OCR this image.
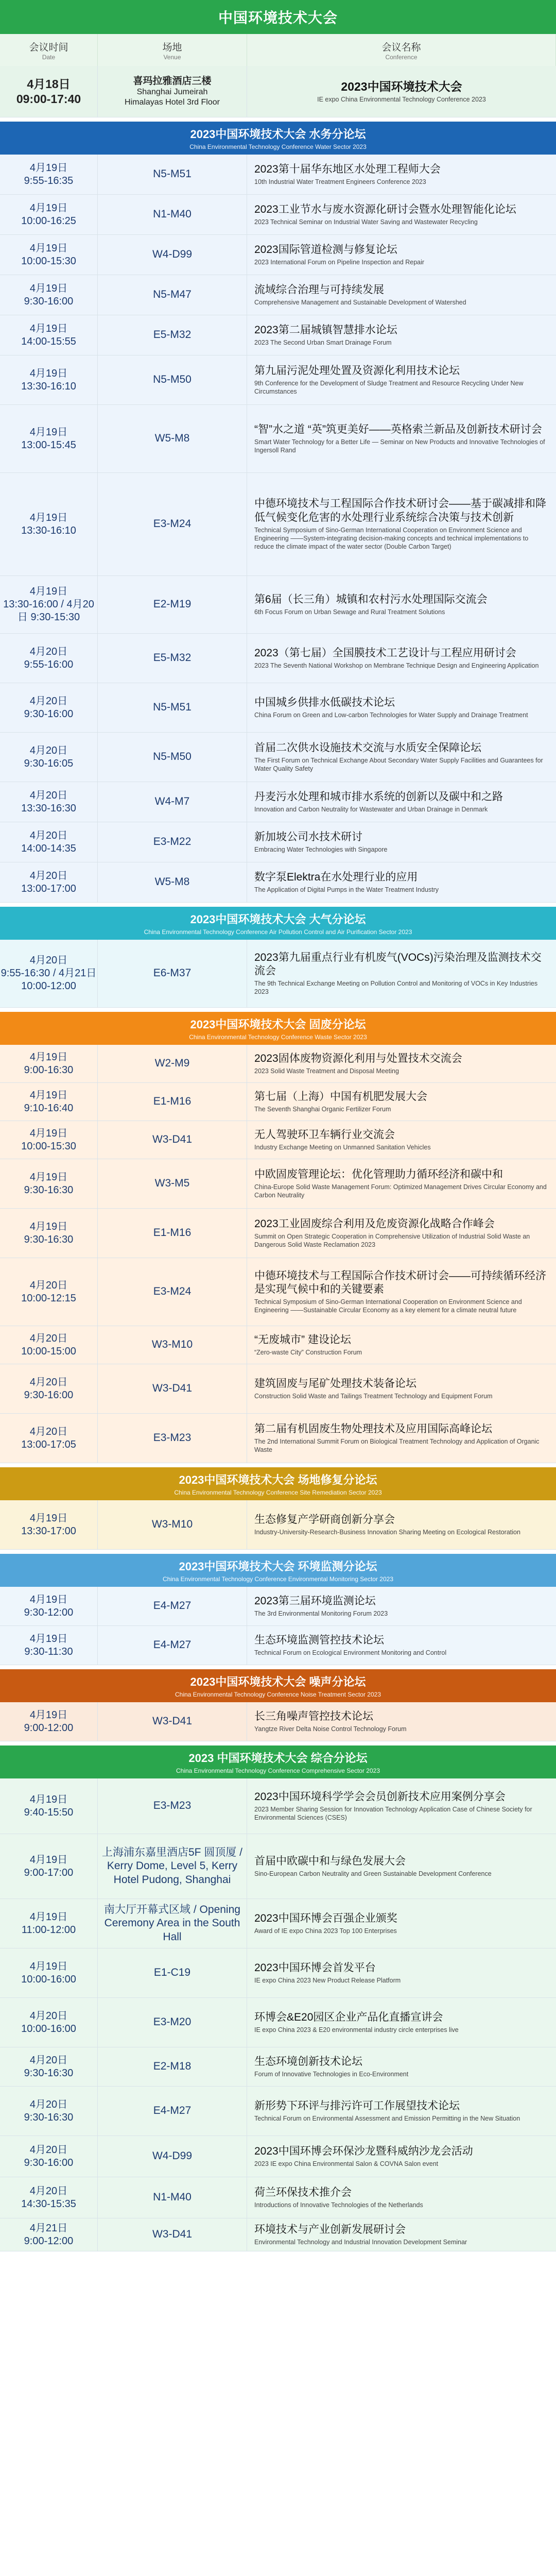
中国环境技术大会
会议时间
Date
场地
Venue
会议名称
Conference
4月18日
09:00-17:40
喜玛拉雅酒店三楼
Shanghai Jumeirah
Himalayas Hotel 3rd Floor
2023中国环境技术大会
IE expo China Environmental Technology Conference 2023
2023中国环境技术大会 水务分论坛
China Environmental Technology Conference Water Sector 2023
4月19日
9:55-16:35
N5-M51	2023第十届华东地区水处理工程师大会
10th Industrial Water Treatment Engineers Conference 2023
4月19日
10:00-16:25
N1-M40	2023工业节水与废水资源化研讨会暨水处理智能化论坛
2023 Technical Seminar on Industrial Water Saving and Wastewater Recycling
4月19日
10:00-15:30
W4-D99	2023国际管道检测与修复论坛
2023 International Forum on Pipeline Inspection and Repair
4月19日
9:30-16:00
N5-M47	流域综合治理与可持续发展
Comprehensive Management and Sustainable Development of Watershed
4月19日
14:00-15:55
E5-M32	2023第二届城镇智慧排水论坛
2023 The Second Urban Smart Drainage Forum
4月19日
13:30-16:10
N5-M50
第九届污泥处理处置及资源化利用技术论坛
9th Conference for the Development of Sludge Treatment and Resource Recycling Under New Circumstances
4月19日
13:00-15:45
W5-M8
“智”水之道 “英”筑更美好——英格索兰新品及创新技术研讨会
Smart Water Technology for a Better Life — Seminar on New Products and Innovative Technologies of Ingersoll Rand
4月19日
13:30-16:10
E3-M24
中德环境技术与工程国际合作技术研讨会——基于碳减排和降低气候变化危害的水处理行业系统综合决策与技术创新
Technical Symposium of Sino-German International Cooperation on Environment Science and Engineering ——System-integrating decision-making concepts and technical implementations to reduce the climate impact of the water sector (Double Carbon Target)
4月19日
13:30-16:00 / 4月20日 9:30-15:30
E2-M19	第6届（长三角）城镇和农村污水处理国际交流会
6th Focus Forum on Urban Sewage and Rural Treatment Solutions
4月20日
9:55-16:00
E5-M32	2023（第七届）全国膜技术工艺设计与工程应用研讨会
2023 The Seventh National Workshop on Membrane Technique Design and Engineering Application
4月20日
9:30-16:00
N5-M51	中国城乡供排水低碳技术论坛
China Forum on Green and Low-carbon Technologies for Water Supply and Drainage Treatment
4月20日
9:30-16:05
N5-M50
首届二次供水设施技术交流与水质安全保障论坛
The First Forum on Technical Exchange About Secondary Water Supply Facilities and Guarantees for Water Quality Safety
4月20日
13:30-16:30
W4-M7	丹麦污水处理和城市排水系统的创新以及碳中和之路
Innovation and Carbon Neutrality for Wastewater and Urban Drainage in Denmark
4月20日
14:00-14:35
E3-M22	新加坡公司水技术研讨
Embracing Water Technologies with Singapore
4月20日
13:00-17:00
W5-M8	数字泵Elektra在水处理行业的应用
The Application of Digital Pumps in the Water Treatment Industry
2023中国环境技术大会 大气分论坛
China Environmental Technology Conference Air Pollution Control and Air Purification Sector 2023
4月20日
9:55-16:30 / 4月21日 10:00-12:00
E6-M37
2023第九届重点行业有机废气(VOCs)污染治理及监测技术交流会
The 9th Technical Exchange Meeting on Pollution Control and Monitoring of VOCs in Key Industries 2023
2023中国环境技术大会 固废分论坛
China Environmental Technology Conference Waste Sector 2023
4月19日
9:00-16:30
W2-M9	2023固体废物资源化利用与处置技术交流会
2023 Solid Waste Treatment and Disposal Meeting
4月19日
9:10-16:40
E1-M16	第七届（上海）中国有机肥发展大会
The Seventh Shanghai Organic Fertilizer Forum
4月19日
10:00-15:30
W3-D41	无人驾驶环卫车辆行业交流会
Industry Exchange Meeting on Unmanned Sanitation Vehicles
4月19日
9:30-16:30
W3-M5
中欧固废管理论坛：优化管理助力循环经济和碳中和
China-Europe Solid Waste Management Forum: Optimized Management Drives Circular Economy and Carbon Neutrality
4月19日
9:30-16:30
E1-M16
2023工业固废综合利用及危废资源化战略合作峰会
Summit on Open Strategic Cooperation in Comprehensive Utilization of Industrial Solid Waste an Dangerous Solid Waste Reclamation 2023
4月20日
10:00-12:15
E3-M24
中德环境技术与工程国际合作技术研讨会——可持续循环经济是实现气候中和的关键要素
Technical Symposium of Sino-German International Cooperation on Environment Science and Engineering ——Sustainable Circular Economy as a key element for a climate neutral future
4月20日
10:00-15:00
W3-M10	“无废城市” 建设论坛
“Zero-waste City” Construction Forum
4月20日
9:30-16:00
W3-D41	建筑固废与尾矿处理技术装备论坛
Construction Solid Waste and Tailings Treatment Technology and Equipment Forum
4月20日
13:00-17:05
E3-M23
第二届有机固废生物处理技术及应用国际高峰论坛
The 2nd International Summit Forum on Biological Treatment Technology and Application of Organic Waste
2023中国环境技术大会 场地修复分论坛
China Environmental Technology Conference Site Remediation Sector 2023
4月19日
13:30-17:00
W3-M10	生态修复产学研商创新分享会
Industry-University-Research-Business Innovation Sharing Meeting on Ecological Restoration
2023中国环境技术大会 环境监测分论坛
China Environmental Technology Conference Environmental Monitoring Sector 2023
4月19日
9:30-12:00
E4-M27	2023第三届环境监测论坛
The 3rd Environmental Monitoring Forum 2023
4月19日
9:30-11:30
E4-M27	生态环境监测管控技术论坛
Technical Forum on Ecological Environment Monitoring and Control
2023中国环境技术大会 噪声分论坛
China Environmental Technology Conference Noise Treatment Sector 2023
4月19日
9:00-12:00
W3-D41	长三角噪声管控技术论坛
Yangtze River Delta Noise Control Technology Forum
2023 中国环境技术大会 综合分论坛
China Environmental Technology Conference Comprehensive Sector 2023
4月19日
9:40-15:50
E3-M23
2023中国环境科学学会会员创新技术应用案例分享会
2023 Member Sharing Session for Innovation Technology Application Case of Chinese Society for Environmental Sciences (CSES)
4月19日
9:00-17:00
上海浦东嘉里酒店5F 圆顶厦 / Kerry Dome, Level 5, Kerry Hotel Pudong, Shanghai
首届中欧碳中和与绿色发展大会
Sino-European Carbon Neutrality and Green Sustainable Development Conference
4月19日
11:00-12:00
南大厅开幕式区域 / Opening Ceremony Area in the South Hall
2023中国环博会百强企业颁奖
Award of IE expo China 2023 Top 100 Enterprises
4月19日
10:00-16:00
E1-C19	2023中国环博会首发平台
IE expo China 2023 New Product Release Platform
4月20日
10:00-16:00
E3-M20	环博会&E20园区企业产品化直播宣讲会
IE expo China 2023 & E20 environmental industry circle enterprises live
4月20日
9:30-16:30
E2-M18	生态环境创新技术论坛
Forum of Innovative Technologies in Eco-Environment
4月20日
9:30-16:30
E4-M27	新形势下环评与排污许可工作展望技术论坛
Technical Forum on Environmental Assessment and Emission Permitting in the New Situation
4月20日
9:30-16:00
W4-D99	2023中国环博会环保沙龙暨科威纳沙龙会活动
2023 IE expo China Environmental Salon & COVNA Salon event
4月20日
14:30-15:35
N1-M40	荷兰环保技术推介会
Introductions of Innovative Technologies of the Netherlands
4月21日
9:00-12:00
W3-D41	环境技术与产业创新发展研讨会
Environmental Technology and Industrial Innovation Development Seminar
